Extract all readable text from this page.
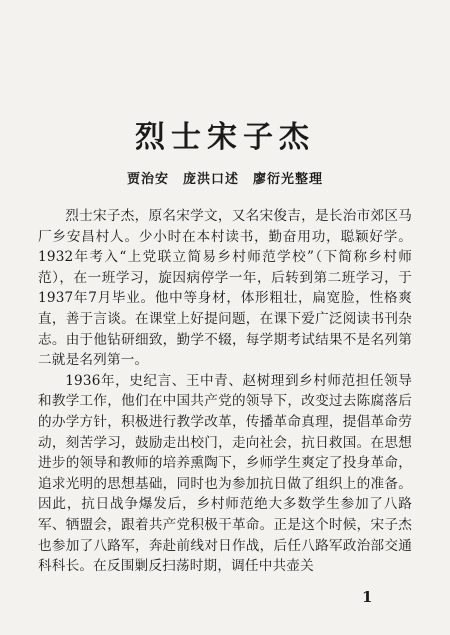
烈士宋子杰
贾治安　庞洪口述　廖衍光整理

烈士宋子杰，原名宋学文，又名宋俊吉，是长治市郊区马厂乡安昌村人。少小时在本村读书，勤奋用功，聪颖好学。1932年考入“上党联立简易乡村师范学校”（下简称乡村师范），在一班学习，旋因病停学一年，后转到第二班学习，于1937年7月毕业。他中等身材，体形粗壮，扁宽脸，性格爽直，善于言谈。在课堂上好提问题，在课下爱广泛阅读书刊杂志。由于他钻研细致，勤学不辍，每学期考试结果不是名列第二就是名列第一。

1936年，史纪言、王中青、赵树理到乡村师范担任领导和教学工作，他们在中国共产党的领导下，改变过去陈腐落后的办学方针，积极进行教学改革，传播革命真理，提倡革命劳动，刻苦学习，鼓励走出校门，走向社会，抗日救国。在思想进步的领导和教师的培养熏陶下，乡师学生爽定了投身革命，追求光明的思想基础，同时也为参加抗日做了组织上的准备。因此，抗日战争爆发后，乡村师范绝大多数学生参加了八路军、牺盟会，跟着共产党积极干革命。正是这个时候，宋子杰也参加了八路军，奔赴前线对日作战，后任八路军政治部交通科科长。在反围剿反扫荡时期，调任中共壶关

1
